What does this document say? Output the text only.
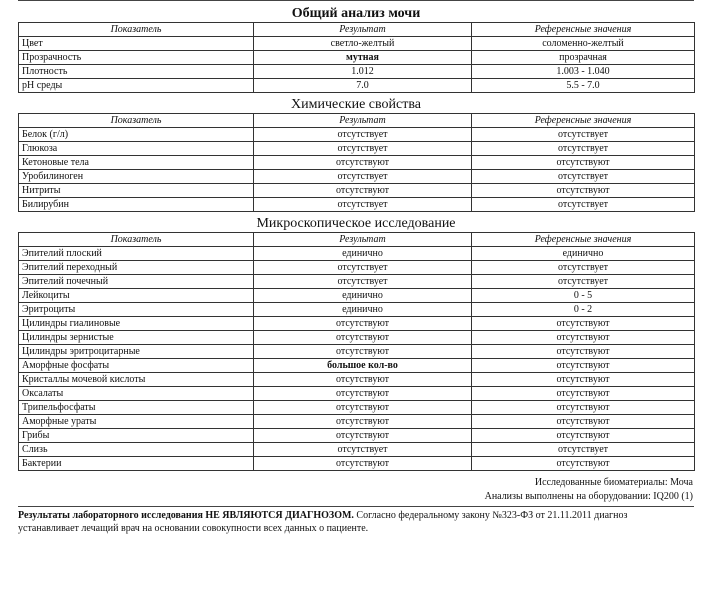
Общий анализ мочи
Показатель	Результат	Референсные значения
Цвет	светло-желтый	соломенно-желтый
Прозрачность	мутная	прозрачная
Плотность	1.012	1.003 - 1.040
pH среды	7.0	5.5 - 7.0
Химические свойства
Показатель	Результат	Референсные значения
Белок (г/л)	отсутствует	отсутствует
Глюкоза	отсутствует	отсутствует
Кетоновые тела	отсутствуют	отсутствуют
Уробилиноген	отсутствует	отсутствует
Нитриты	отсутствуют	отсутствуют
Билирубин	отсутствует	отсутствует
Микроскопическое исследование
Показатель	Результат	Референсные значения
Эпителий плоский	единично	единично
Эпителий переходный	отсутствует	отсутствует
Эпителий почечный	отсутствует	отсутствует
Лейкоциты	единично	0 - 5
Эритроциты	единично	0 - 2
Цилиндры гиалиновые	отсутствуют	отсутствуют
Цилиндры зернистые	отсутствуют	отсутствуют
Цилиндры эритроцитарные	отсутствуют	отсутствуют
Аморфные фосфаты	большое кол-во	отсутствуют
Кристаллы мочевой кислоты	отсутствуют	отсутствуют
Оксалаты	отсутствуют	отсутствуют
Трипельфосфаты	отсутствуют	отсутствуют
Аморфные ураты	отсутствуют	отсутствуют
Грибы	отсутствуют	отсутствуют
Слизь	отсутствует	отсутствует
Бактерии	отсутствуют	отсутствуют
Исследованные биоматериалы: Моча
Анализы выполнены на оборудовании: IQ200 (1)
Результаты лабораторного исследования НЕ ЯВЛЯЮТСЯ ДИАГНОЗОМ. Согласно федеральному закону №323-ФЗ от 21.11.2011 диагноз
устанавливает лечащий врач на основании совокупности всех данных о пациенте.
